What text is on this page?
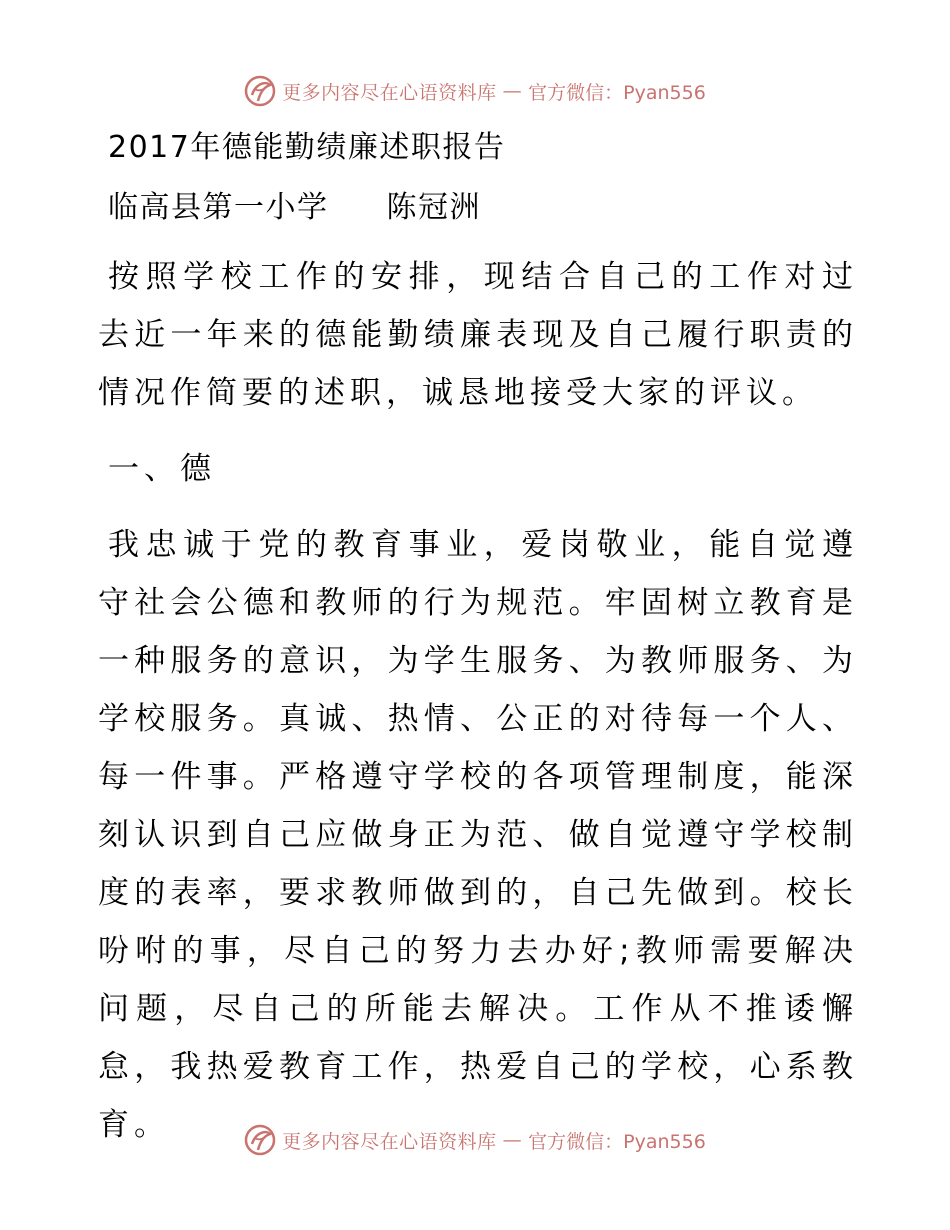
更多内容尽在心语资料库 — 官方微信：Pyan556
2017年德能勤绩廉述职报告
临高县第一小学 陈冠洲

按照学校工作的安排，现结合自己的工作对过去近一年来的德能勤绩廉表现及自己履行职责的情况作简要的述职，诚恳地接受大家的评议。

一、德

我忠诚于党的教育事业，爱岗敬业，能自觉遵守社会公德和教师的行为规范。牢固树立教育是一种服务的意识，为学生服务、为教师服务、为学校服务。真诚、热情、公正的对待每一个人、每一件事。严格遵守学校的各项管理制度，能深刻认识到自己应做身正为范、做自觉遵守学校制度的表率，要求教师做到的，自己先做到。校长吩咐的事，尽自己的努力去办好;教师需要解决问题，尽自己的所能去解决。工作从不推诿懈怠，我热爱教育工作，热爱自己的学校，心系教育。	更多内容尽在心语资料库 — 官方微信：Pyan556
